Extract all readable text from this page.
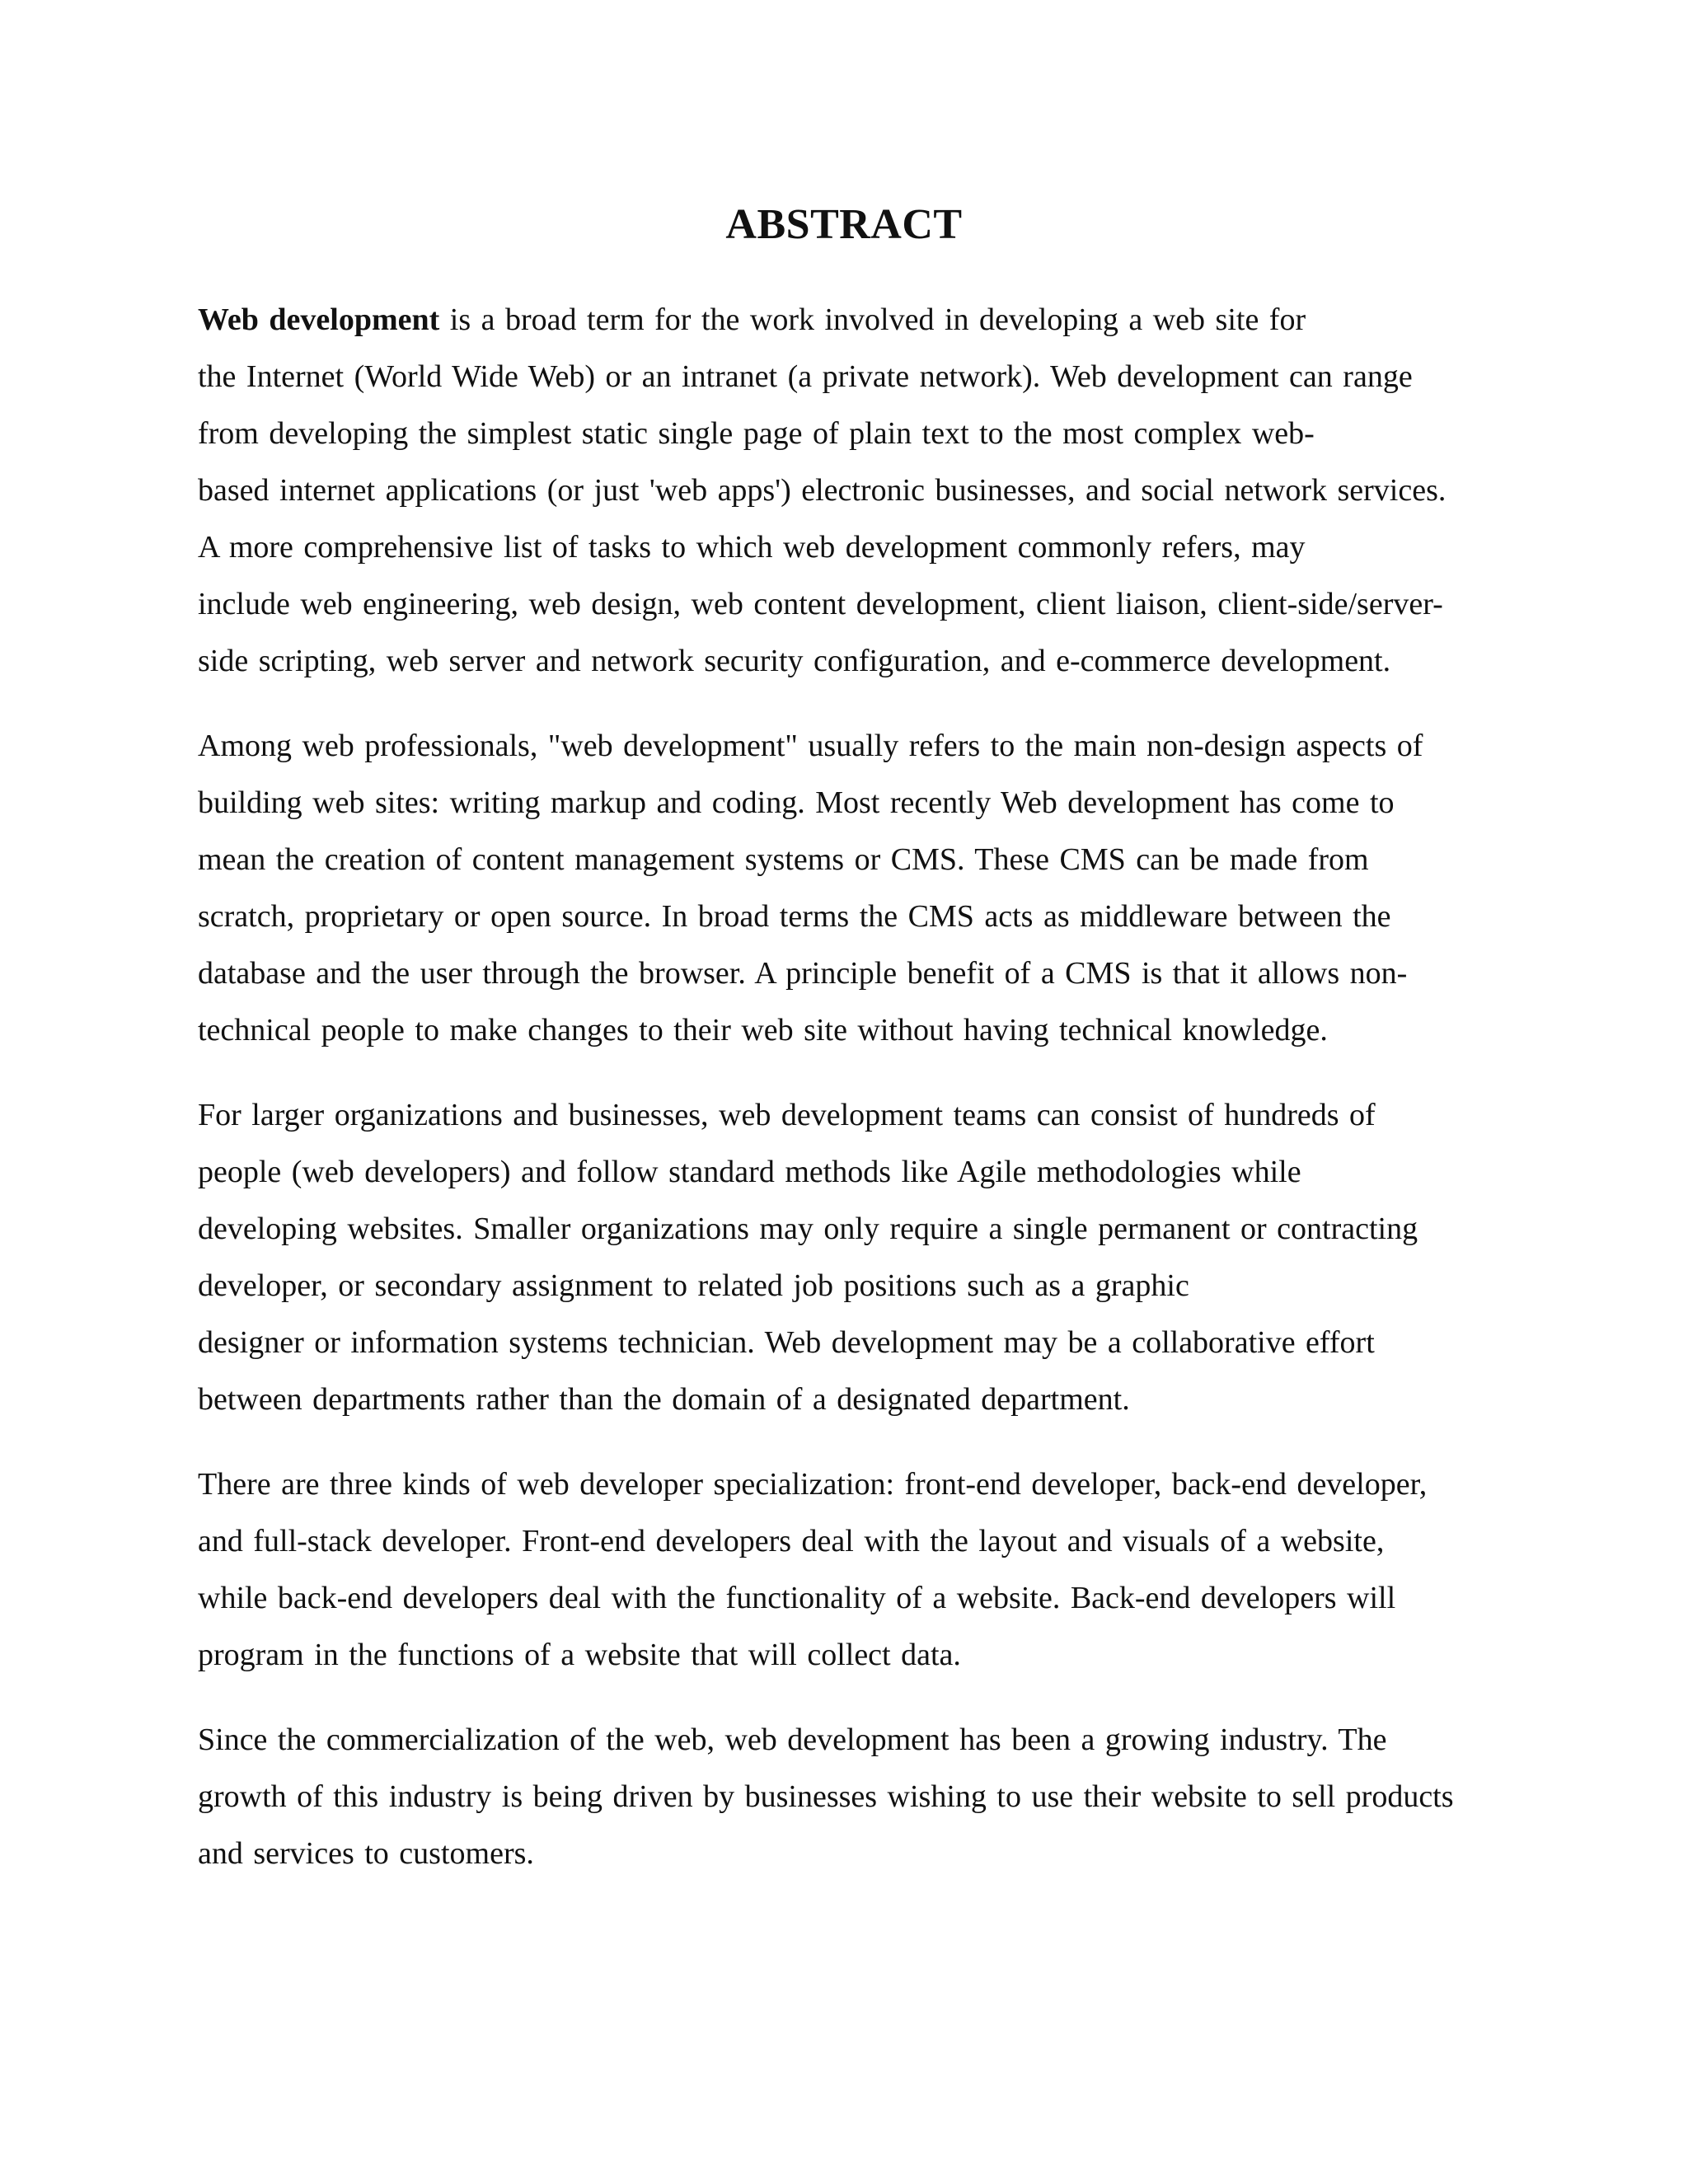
ABSTRACT
Web development is a broad term for the work involved in developing a web site for
the Internet (World Wide Web) or an intranet (a private network). Web development can range
from developing the simplest static single page of plain text to the most complex web-
based internet applications (or just 'web apps') electronic businesses, and social network services.
A more comprehensive list of tasks to which web development commonly refers, may
include web engineering, web design, web content development, client liaison, client-side/server-
side scripting, web server and network security configuration, and e-commerce development.
Among web professionals, "web development" usually refers to the main non-design aspects of
building web sites: writing markup and coding. Most recently Web development has come to
mean the creation of content management systems or CMS. These CMS can be made from
scratch, proprietary or open source. In broad terms the CMS acts as middleware between the
database and the user through the browser. A principle benefit of a CMS is that it allows non-
technical people to make changes to their web site without having technical knowledge.
For larger organizations and businesses, web development teams can consist of hundreds of
people (web developers) and follow standard methods like Agile methodologies while
developing websites. Smaller organizations may only require a single permanent or contracting
developer, or secondary assignment to related job positions such as a graphic
designer or information systems technician. Web development may be a collaborative effort
between departments rather than the domain of a designated department.
There are three kinds of web developer specialization: front-end developer, back-end developer,
and full-stack developer. Front-end developers deal with the layout and visuals of a website,
while back-end developers deal with the functionality of a website. Back-end developers will
program in the functions of a website that will collect data.
Since the commercialization of the web, web development has been a growing industry. The
growth of this industry is being driven by businesses wishing to use their website to sell products
and services to customers.
